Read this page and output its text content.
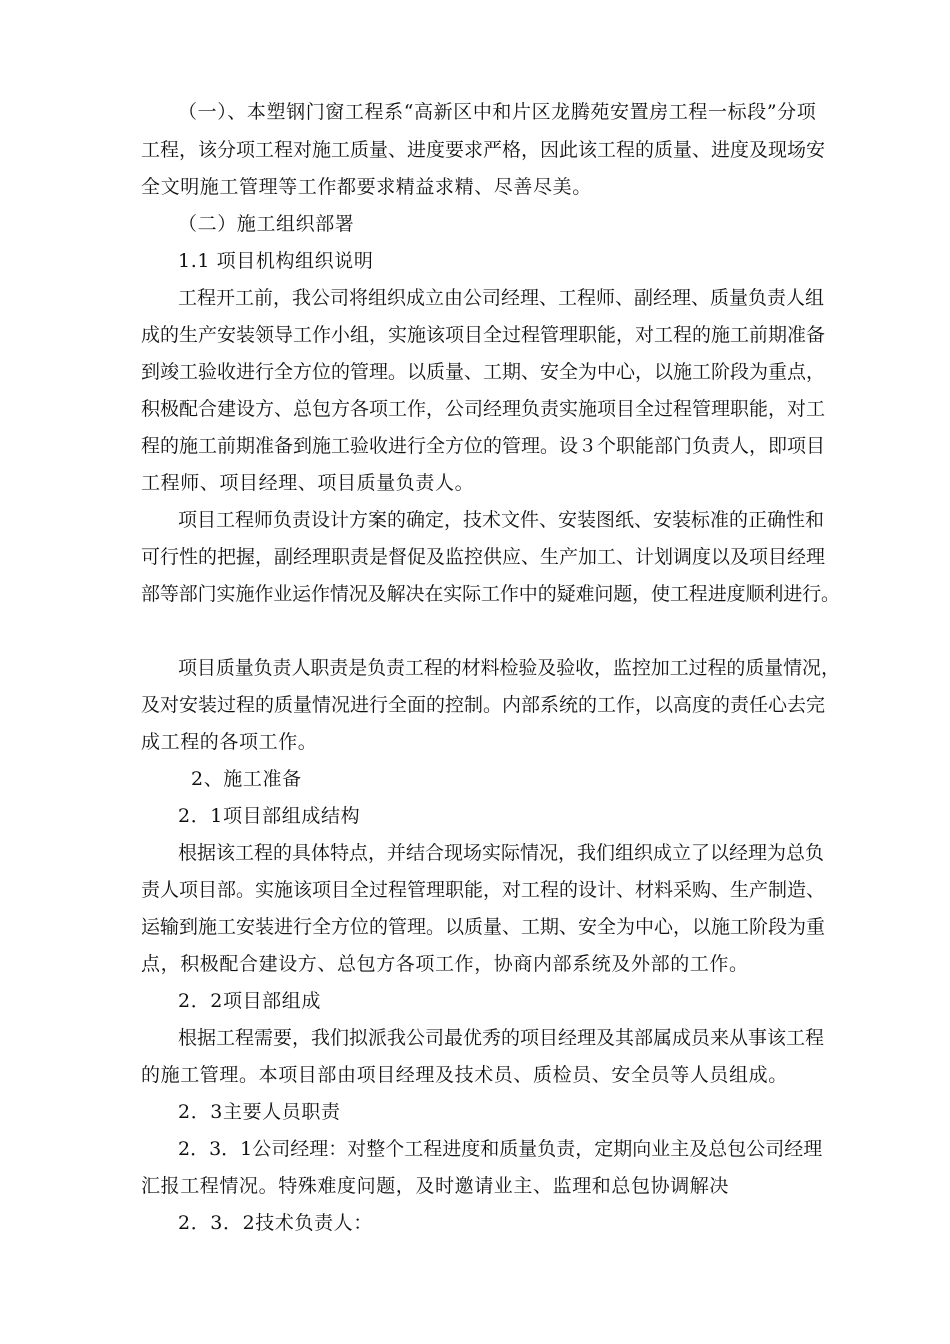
（一）、本塑钢门窗工程系“高新区中和片区龙腾苑安置房工程一标段”分项
工程，该分项工程对施工质量、进度要求严格，因此该工程的质量、进度及现场安
全文明施工管理等工作都要求精益求精、尽善尽美。
（二）施工组织部署
1.1 项目机构组织说明
工程开工前，我公司将组织成立由公司经理、工程师、副经理、质量负责人组
成的生产安装领导工作小组，实施该项目全过程管理职能，对工程的施工前期准备
到竣工验收进行全方位的管理。以质量、工期、安全为中心，以施工阶段为重点，
积极配合建设方、总包方各项工作，公司经理负责实施项目全过程管理职能，对工
程的施工前期准备到施工验收进行全方位的管理。设３个职能部门负责人，即项目
工程师、项目经理、项目质量负责人。
项目工程师负责设计方案的确定，技术文件、安装图纸、安装标准的正确性和
可行性的把握，副经理职责是督促及监控供应、生产加工、计划调度以及项目经理
部等部门实施作业运作情况及解决在实际工作中的疑难问题，使工程进度顺利进行。
项目质量负责人职责是负责工程的材料检验及验收，监控加工过程的质量情况，
及对安装过程的质量情况进行全面的控制。内部系统的工作，以高度的责任心去完
成工程的各项工作。
2、施工准备
2．1项目部组成结构
根据该工程的具体特点，并结合现场实际情况，我们组织成立了以经理为总负
责人项目部。实施该项目全过程管理职能，对工程的设计、材料采购、生产制造、
运输到施工安装进行全方位的管理。以质量、工期、安全为中心，以施工阶段为重
点，积极配合建设方、总包方各项工作，协商内部系统及外部的工作。
2．2项目部组成
根据工程需要，我们拟派我公司最优秀的项目经理及其部属成员来从事该工程
的施工管理。本项目部由项目经理及技术员、质检员、安全员等人员组成。
2．3主要人员职责
2．3．1公司经理：对整个工程进度和质量负责，定期向业主及总包公司经理
汇报工程情况。特殊难度问题，及时邀请业主、监理和总包协调解决
2．3．2技术负责人：
